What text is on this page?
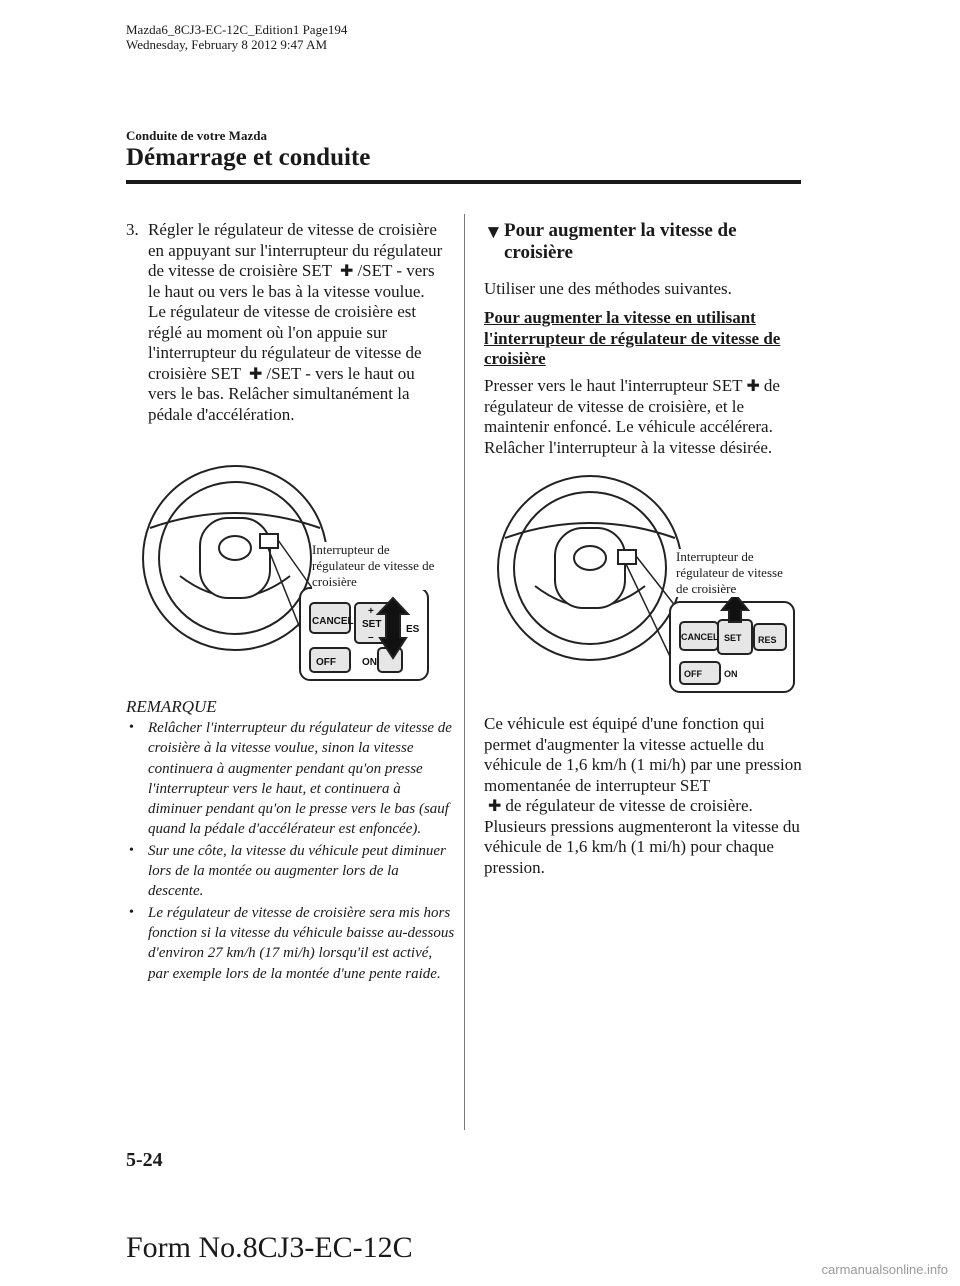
Mazda6_8CJ3-EC-12C_Edition1 Page194
Wednesday, February 8 2012 9:47 AM
Conduite de votre Mazda
Démarrage et conduite
3. Régler le régulateur de vitesse de croisière en appuyant sur l'interrupteur du régulateur de vitesse de croisière SET ✚ /SET - vers le haut ou vers le bas à la vitesse voulue. Le régulateur de vitesse de croisière est réglé au moment où l'on appuie sur l'interrupteur du régulateur de vitesse de croisière SET ✚ /SET - vers le haut ou vers le bas. Relâcher simultanément la pédale d'accélération.
CANCEL SET
+
–
ES
OFF	ON
Interrupteur de régulateur de vitesse de croisière
REMARQUE
• Relâcher l'interrupteur du régulateur de vitesse de croisière à la vitesse voulue, sinon la vitesse continuera à augmenter pendant qu'on presse l'interrupteur vers le haut, et continuera à diminuer pendant qu'on le presse vers le bas (sauf quand la pédale d'accélérateur est enfoncée).
• Sur une côte, la vitesse du véhicule peut diminuer lors de la montée ou augmenter lors de la descente.
• Le régulateur de vitesse de croisière sera mis hors fonction si la vitesse du véhicule baisse au-dessous d'environ 27 km/h (17 mi/h) lorsqu'il est activé, par exemple lors de la montée d'une pente raide.
▼ Pour augmenter la vitesse de croisière
Utiliser une des méthodes suivantes.
Pour augmenter la vitesse en utilisant l'interrupteur de régulateur de vitesse de croisière
Presser vers le haut l'interrupteur SET ✚ de régulateur de vitesse de croisière, et le maintenir enfoncé. Le véhicule accélérera. Relâcher l'interrupteur à la vitesse désirée.
CANCEL SET RES
OFF ON
Interrupteur de régulateur de vitesse de croisière
Ce véhicule est équipé d'une fonction qui permet d'augmenter la vitesse actuelle du véhicule de 1,6 km/h (1 mi/h) par une pression momentanée de interrupteur SET
✚ de régulateur de vitesse de croisière. Plusieurs pressions augmenteront la vitesse du véhicule de 1,6 km/h (1 mi/h) pour chaque pression.
5-24
Form No.8CJ3-EC-12C
carmanualsonline.info
